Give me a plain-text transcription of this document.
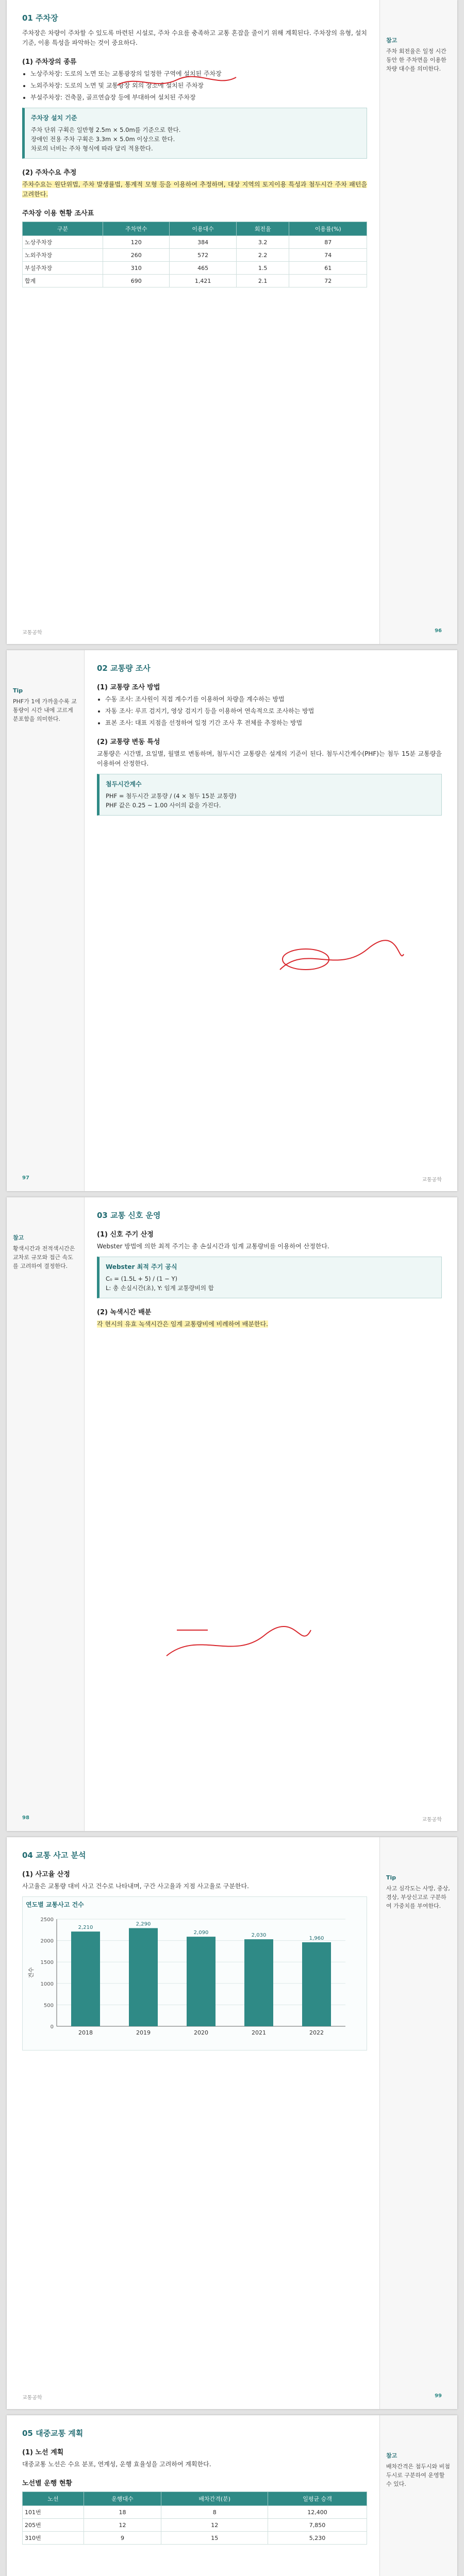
참고
주차 회전율은 일정 시간 동안 한 주차면을 이용한 차량 대수를 의미한다.
01 주차장

주차장은 차량이 주차할 수 있도록 마련된 시설로, 주차 수요를 충족하고 교통 혼잡을 줄이기 위해 계획된다. 주차장의 유형, 설치 기준, 이용 특성을 파악하는 것이 중요하다.

(1) 주차장의 종류
• 노상주차장: 도로의 노면 또는 교통광장의 일정한 구역에 설치된 주차장
• 노외주차장: 도로의 노면 및 교통광장 외의 장소에 설치된 주차장
• 부설주차장: 건축물, 골프연습장 등에 부대하여 설치된 주차장
주차장 설치 기준
주차 단위 구획은 일반형 2.5m × 5.0m를 기준으로 한다.
장애인 전용 주차 구획은 3.3m × 5.0m 이상으로 한다.
차로의 너비는 주차 형식에 따라 달리 적용한다.
(2) 주차수요 추정

주차수요는 원단위법, 주차 발생률법, 통계적 모형 등을 이용하여 추정하며, 대상 지역의 토지이용 특성과 첨두시간 주차 패턴을 고려한다.

주차장 이용 현황 조사표
구분	주차면수	이용대수	회전율	이용률(%)
노상주차장	120	384	3.2	87
노외주차장	260	572	2.2	74
부설주차장	310	465	1.5	61
합계	690	1,421	2.1	72
교통공학	96
Tip
PHF가 1에 가까울수록 교통량이 시간 내에 고르게 분포함을 의미한다.
02 교통량 조사
(1) 교통량 조사 방법
• 수동 조사: 조사원이 직접 계수기를 이용하여 차량을 계수하는 방법
• 자동 조사: 루프 검지기, 영상 검지기 등을 이용하여 연속적으로 조사하는 방법
• 표본 조사: 대표 지점을 선정하여 일정 기간 조사 후 전체를 추정하는 방법
(2) 교통량 변동 특성

교통량은 시간별, 요일별, 월별로 변동하며, 첨두시간 교통량은 설계의 기준이 된다. 첨두시간계수(PHF)는 첨두 15분 교통량을 이용하여 산정한다.

첨두시간계수
PHF = 첨두시간 교통량 / (4 × 첨두 15분 교통량)
PHF 값은 0.25 ~ 1.00 사이의 값을 가진다.
97	교통공학
참고
황색시간과 전적색시간은 교차로 규모와 접근 속도를 고려하여 결정한다.
03 교통 신호 운영
(1) 신호 주기 산정

Webster 방법에 의한 최적 주기는 총 손실시간과 임계 교통량비를 이용하여 산정한다.

Webster 최적 주기 공식
C₀ = (1.5L + 5) / (1 − Y)
L: 총 손실시간(초), Y: 임계 교통량비의 합
(2) 녹색시간 배분

각 현시의 유효 녹색시간은 임계 교통량비에 비례하여 배분한다.

98	교통공학
Tip
사고 심각도는 사망, 중상, 경상, 부상신고로 구분하여 가중치를 부여한다.
04 교통 사고 분석
(1) 사고율 산정

사고율은 교통량 대비 사고 건수로 나타내며, 구간 사고율과 지점 사고율로 구분한다.

연도별 교통사고 건수
0
500
1000
1500
2000
2500
2,210
2018
2,290
2019
2,090
2020
2,030
2021
1,960
2022
건수
교통공학	99
참고
배차간격은 첨두시와 비첨두시로 구분하여 운영할 수 있다.
05 대중교통 계획
(1) 노선 계획

대중교통 노선은 수요 분포, 연계성, 운행 효율성을 고려하여 계획한다.

노선별 운행 현황
노선	운행대수	배차간격(분)	일평균 승객
101번	18	8	12,400
205번	12	12	7,850
310번	9	15	5,230
